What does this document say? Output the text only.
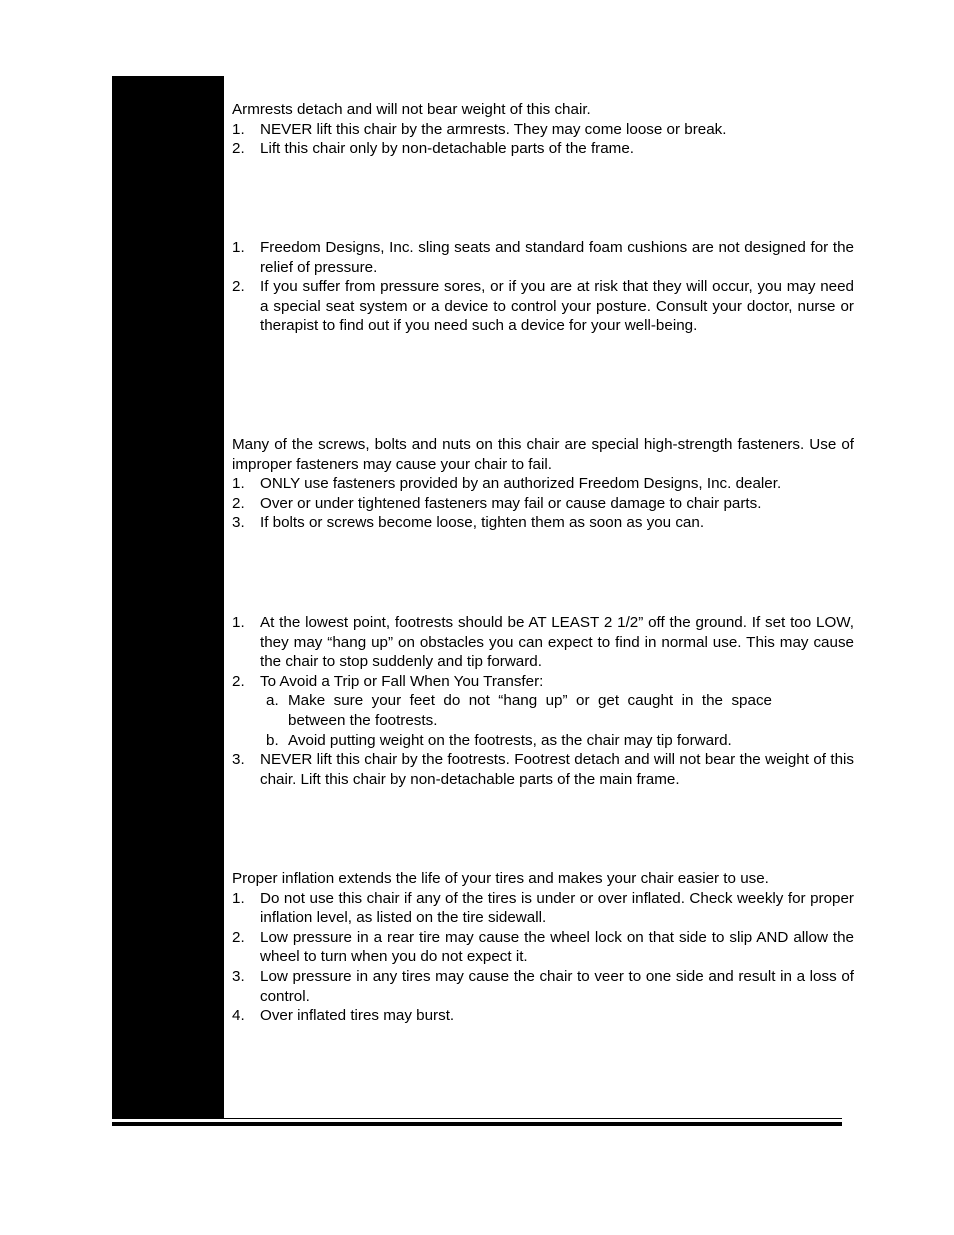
Armrests detach and will not bear weight of this chair.

1. NEVER lift this chair by the armrests. They may come loose or break.
2. Lift this chair only by non-detachable parts of the frame.
1. Freedom Designs, Inc. sling seats and standard foam cushions are not designed for the relief of pressure.
2. If you suffer from pressure sores, or if you are at risk that they will occur, you may need a special seat system or a device to control your posture. Consult your doctor, nurse or therapist to find out if you need such a device for your well-being.

Many of the screws, bolts and nuts on this chair are special high-strength fasteners. Use of improper fasteners may cause your chair to fail.

1. ONLY use fasteners provided by an authorized Freedom Designs, Inc. dealer.
2. Over or under tightened fasteners may fail or cause damage to chair parts.
3. If bolts or screws become loose, tighten them as soon as you can.
1. At the lowest point, footrests should be AT LEAST 2 1/2” off the ground. If set too LOW, they may “hang up” on obstacles you can expect to find in normal use. This may cause the chair to stop suddenly and tip forward.
2. To Avoid a Trip or Fall When You Transfer:
a. Make sure your feet do not “hang up” or get caught in the space between the footrests.
b. Avoid putting weight on the footrests, as the chair may tip forward.
3. NEVER lift this chair by the footrests. Footrest detach and will not bear the weight of this chair. Lift this chair by non-detachable parts of the main frame.

Proper inflation extends the life of your tires and makes your chair easier to use.

1. Do not use this chair if any of the tires is under or over inflated. Check weekly for proper inflation level, as listed on the tire sidewall.
2. Low pressure in a rear tire may cause the wheel lock on that side to slip AND allow the wheel to turn when you do not expect it.
3. Low pressure in any tires may cause the chair to veer to one side and result in a loss of control.
4. Over inflated tires may burst.
